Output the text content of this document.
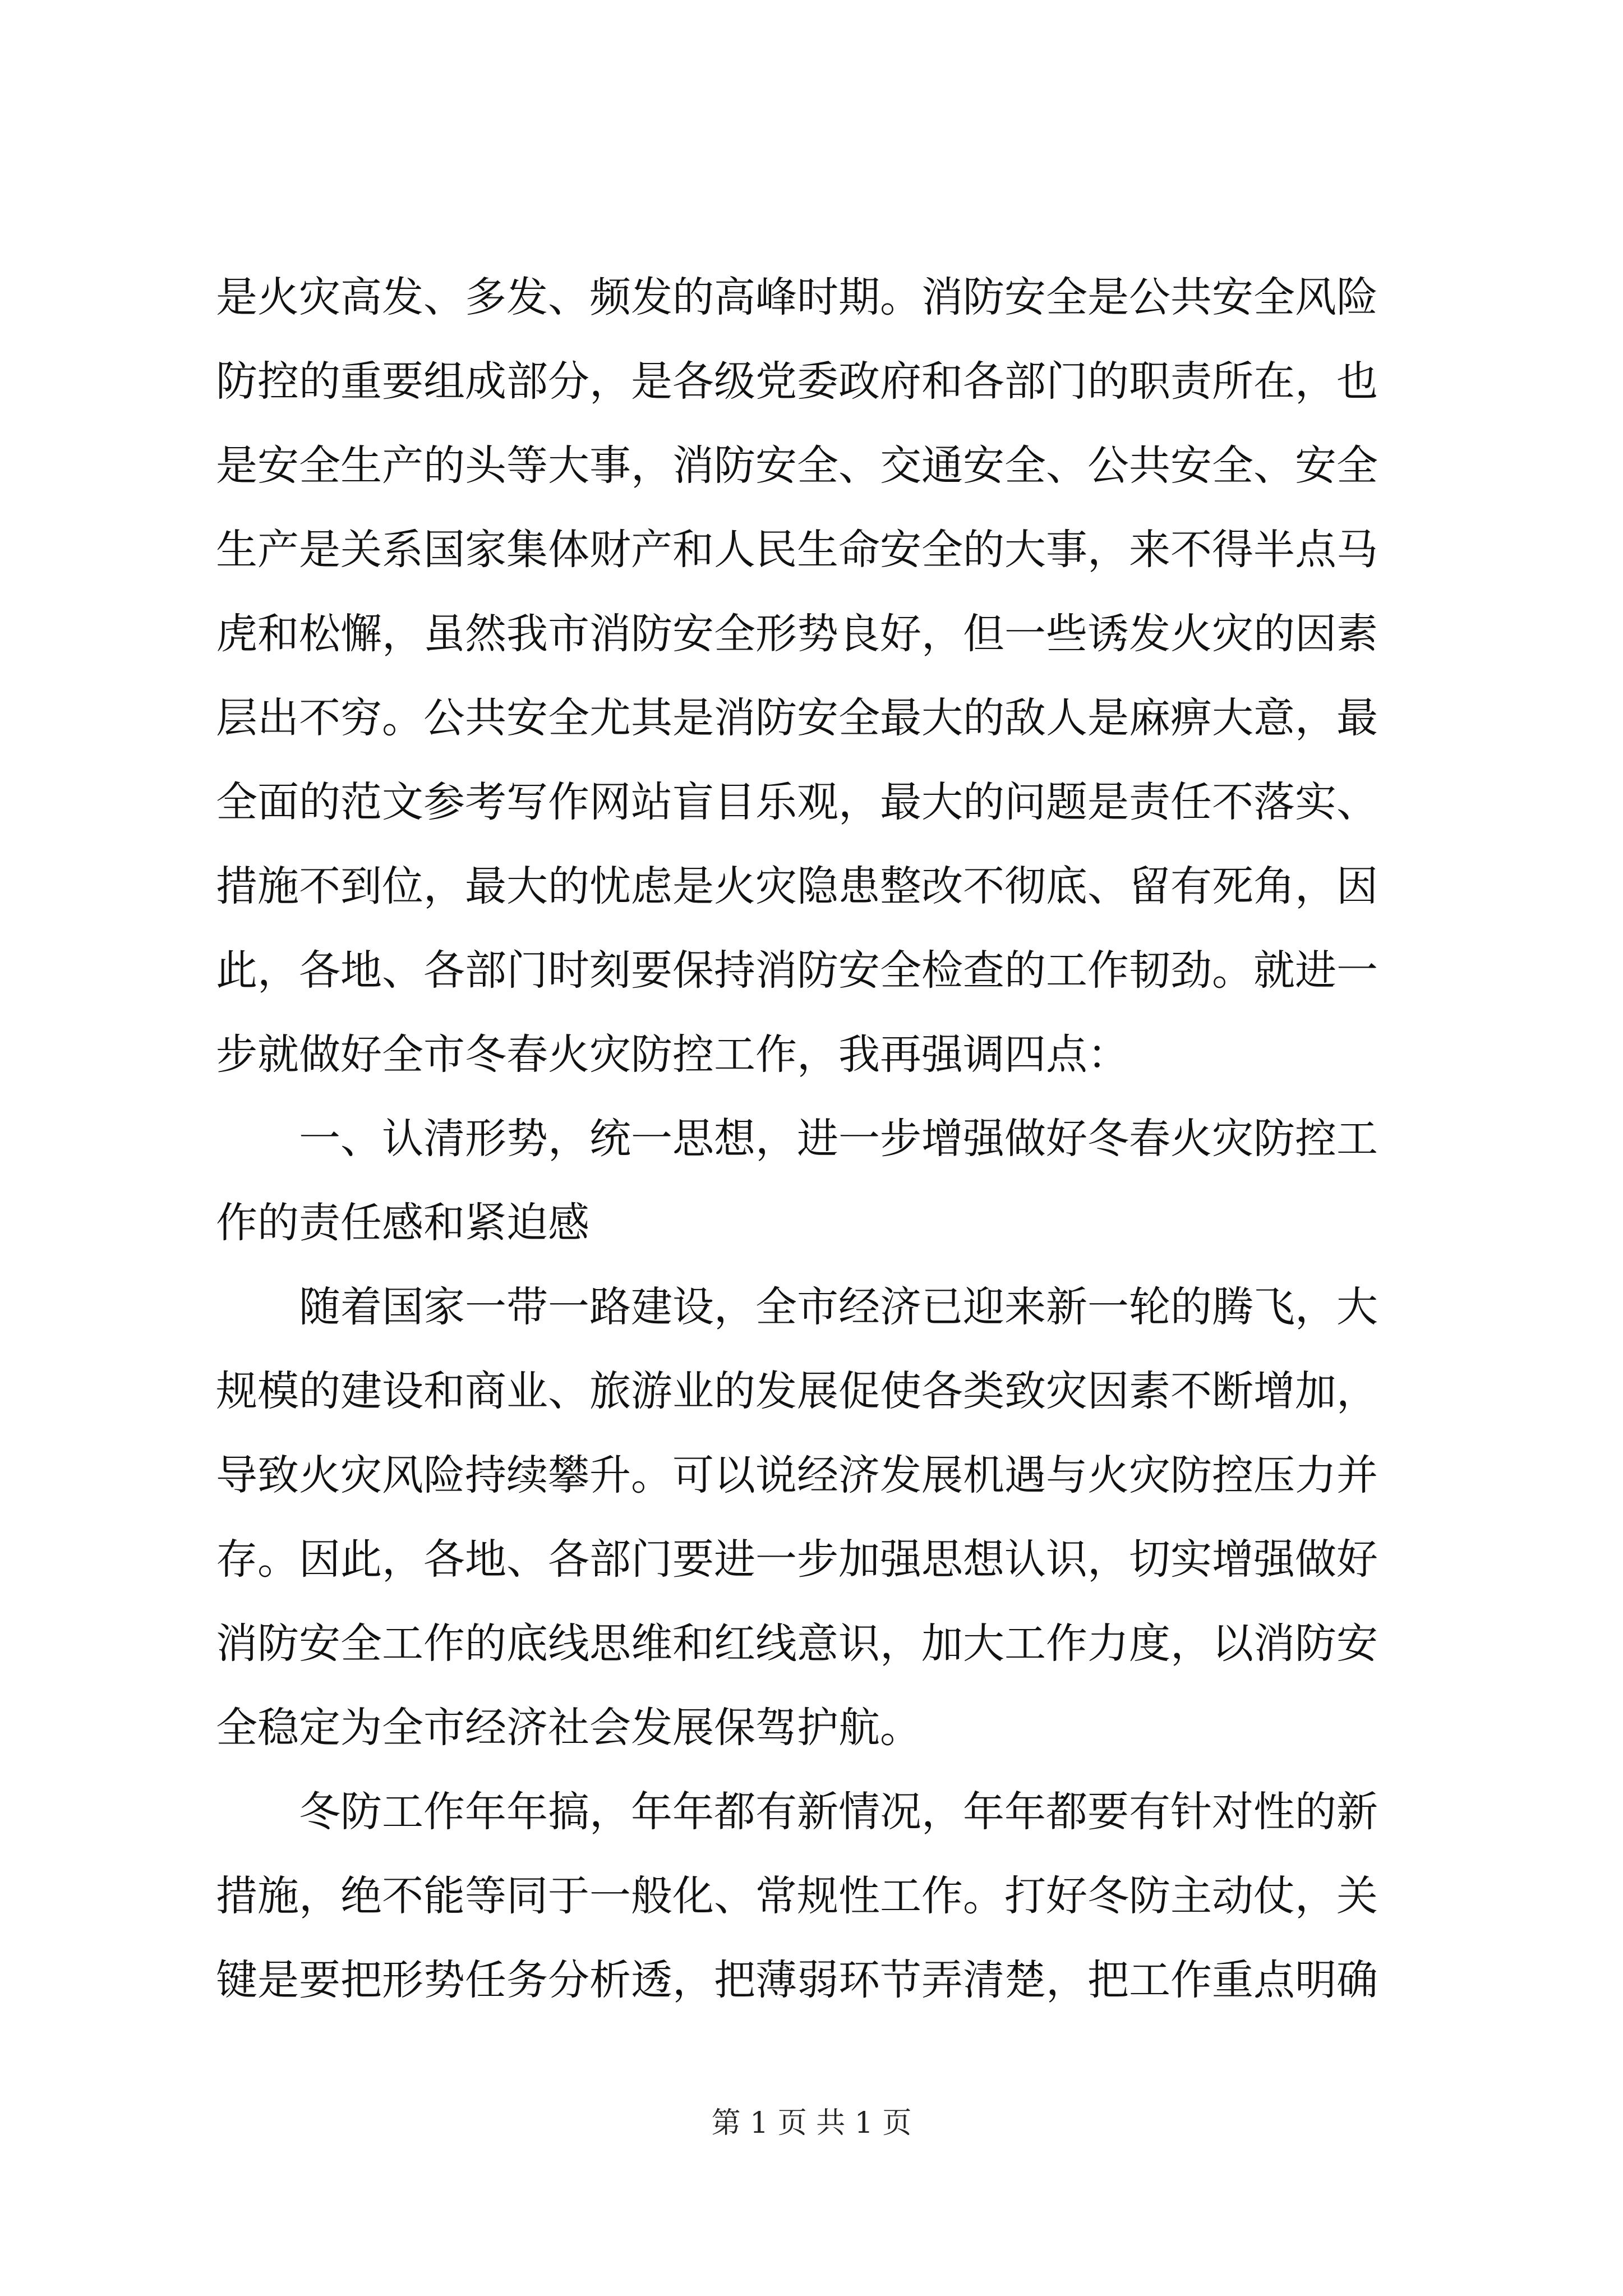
是火灾高发、多发、频发的高峰时期。消防安全是公共安全风险
防控的重要组成部分，是各级党委政府和各部门的职责所在，也
是安全生产的头等大事，消防安全、交通安全、公共安全、安全
生产是关系国家集体财产和人民生命安全的大事，来不得半点马
虎和松懈，虽然我市消防安全形势良好，但一些诱发火灾的因素
层出不穷。公共安全尤其是消防安全最大的敌人是麻痹大意，最
全面的范文参考写作网站盲目乐观，最大的问题是责任不落实、
措施不到位，最大的忧虑是火灾隐患整改不彻底、留有死角，因
此，各地、各部门时刻要保持消防安全检查的工作韧劲。就进一
步就做好全市冬春火灾防控工作，我再强调四点：
　　一、认清形势，统一思想，进一步增强做好冬春火灾防控工
作的责任感和紧迫感
　　随着国家一带一路建设，全市经济已迎来新一轮的腾飞，大
规模的建设和商业、旅游业的发展促使各类致灾因素不断增加，
导致火灾风险持续攀升。可以说经济发展机遇与火灾防控压力并
存。因此，各地、各部门要进一步加强思想认识，切实增强做好
消防安全工作的底线思维和红线意识，加大工作力度，以消防安
全稳定为全市经济社会发展保驾护航。
　　冬防工作年年搞，年年都有新情况，年年都要有针对性的新
措施，绝不能等同于一般化、常规性工作。打好冬防主动仗，关
键是要把形势任务分析透，把薄弱环节弄清楚，把工作重点明确
第 1 页 共 1 页
